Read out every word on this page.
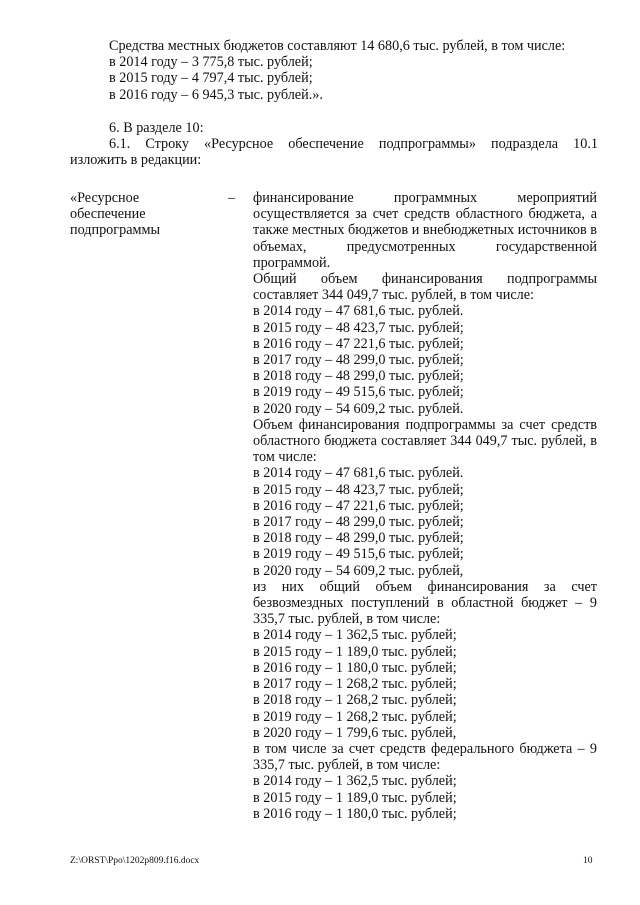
Средства местных бюджетов составляют 14 680,6 тыс. рублей, в том числе:

в 2014 году – 3 775,8 тыс. рублей;

в 2015 году – 4 797,4 тыс. рублей;

в 2016 году – 6 945,3 тыс. рублей.».

6. В разделе 10:

6.1. Строку «Ресурсное обеспечение подпрограммы» подраздела 10.1

изложить в редакции:

«Ресурсное

обеспечение

подпрограммы

– финансирование программных мероприятий осуществляется за счет средств областного бюджета, а также местных бюджетов и внебюджетных источников в объемах, предусмотренных государственной программой.

Общий объем финансирования подпрограммы составляет 344 049,7 тыс. рублей, в том числе:

в 2014 году – 47 681,6 тыс. рублей.

в 2015 году – 48 423,7 тыс. рублей;

в 2016 году – 47 221,6 тыс. рублей;

в 2017 году – 48 299,0 тыс. рублей;

в 2018 году – 48 299,0 тыс. рублей;

в 2019 году – 49 515,6 тыс. рублей;

в 2020 году – 54 609,2 тыс. рублей.

Объем финансирования подпрограммы за счет средств областного бюджета составляет 344 049,7 тыс. рублей, в том числе:

в 2014 году – 47 681,6 тыс. рублей.

в 2015 году – 48 423,7 тыс. рублей;

в 2016 году – 47 221,6 тыс. рублей;

в 2017 году – 48 299,0 тыс. рублей;

в 2018 году – 48 299,0 тыс. рублей;

в 2019 году – 49 515,6 тыс. рублей;

в 2020 году – 54 609,2 тыс. рублей,

из них общий объем финансирования за счет безвозмездных поступлений в областной бюджет – 9 335,7 тыс. рублей, в том числе:

в 2014 году – 1 362,5 тыс. рублей;

в 2015 году – 1 189,0 тыс. рублей;

в 2016 году – 1 180,0 тыс. рублей;

в 2017 году – 1 268,2 тыс. рублей;

в 2018 году – 1 268,2 тыс. рублей;

в 2019 году – 1 268,2 тыс. рублей;

в 2020 году – 1 799,6 тыс. рублей,

в том числе за счет средств федерального бюджета – 9 335,7 тыс. рублей, в том числе:

в 2014 году – 1 362,5 тыс. рублей;

в 2015 году – 1 189,0 тыс. рублей;

в 2016 году – 1 180,0 тыс. рублей;

Z:\ORST\Ppo\1202p809.f16.docx	10
